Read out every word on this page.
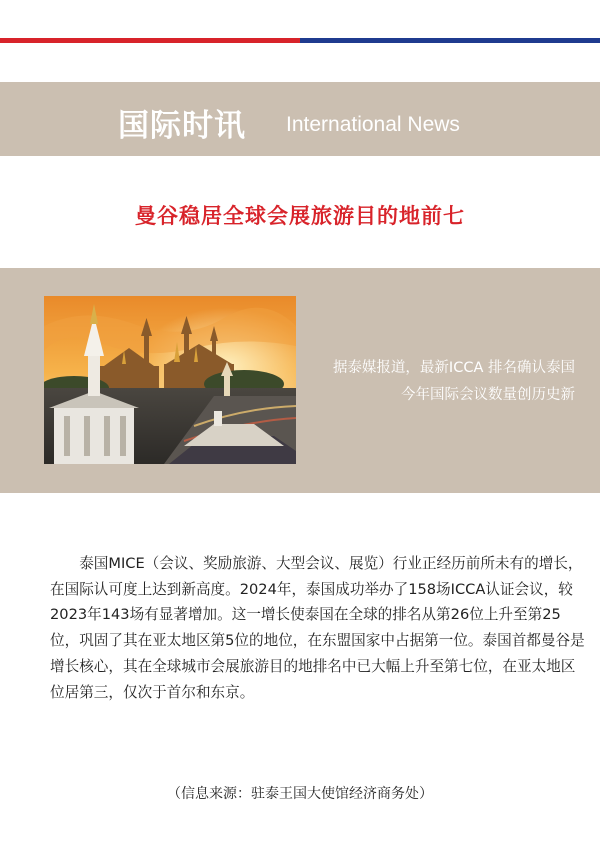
国际时讯 International News
曼谷稳居全球会展旅游目的地前七
据泰媒报道，最新ICCA 排名确认泰国今年国际会议数量创历史新

泰国MICE（会议、奖励旅游、大型会议、展览）行业正经历前所未有的增长，在国际认可度上达到新高度。2024年，泰国成功举办了158场ICCA认证会议，较2023年143场有显著增加。这一增长使泰国在全球的排名从第26位上升至第25 位，巩固了其在亚太地区第5位的地位，在东盟国家中占据第一位。泰国首都曼谷是增长核心，其在全球城市会展旅游目的地排名中已大幅上升至第七位，在亚太地区位居第三，仅次于首尔和东京。

（信息来源：驻泰王国大使馆经济商务处）
